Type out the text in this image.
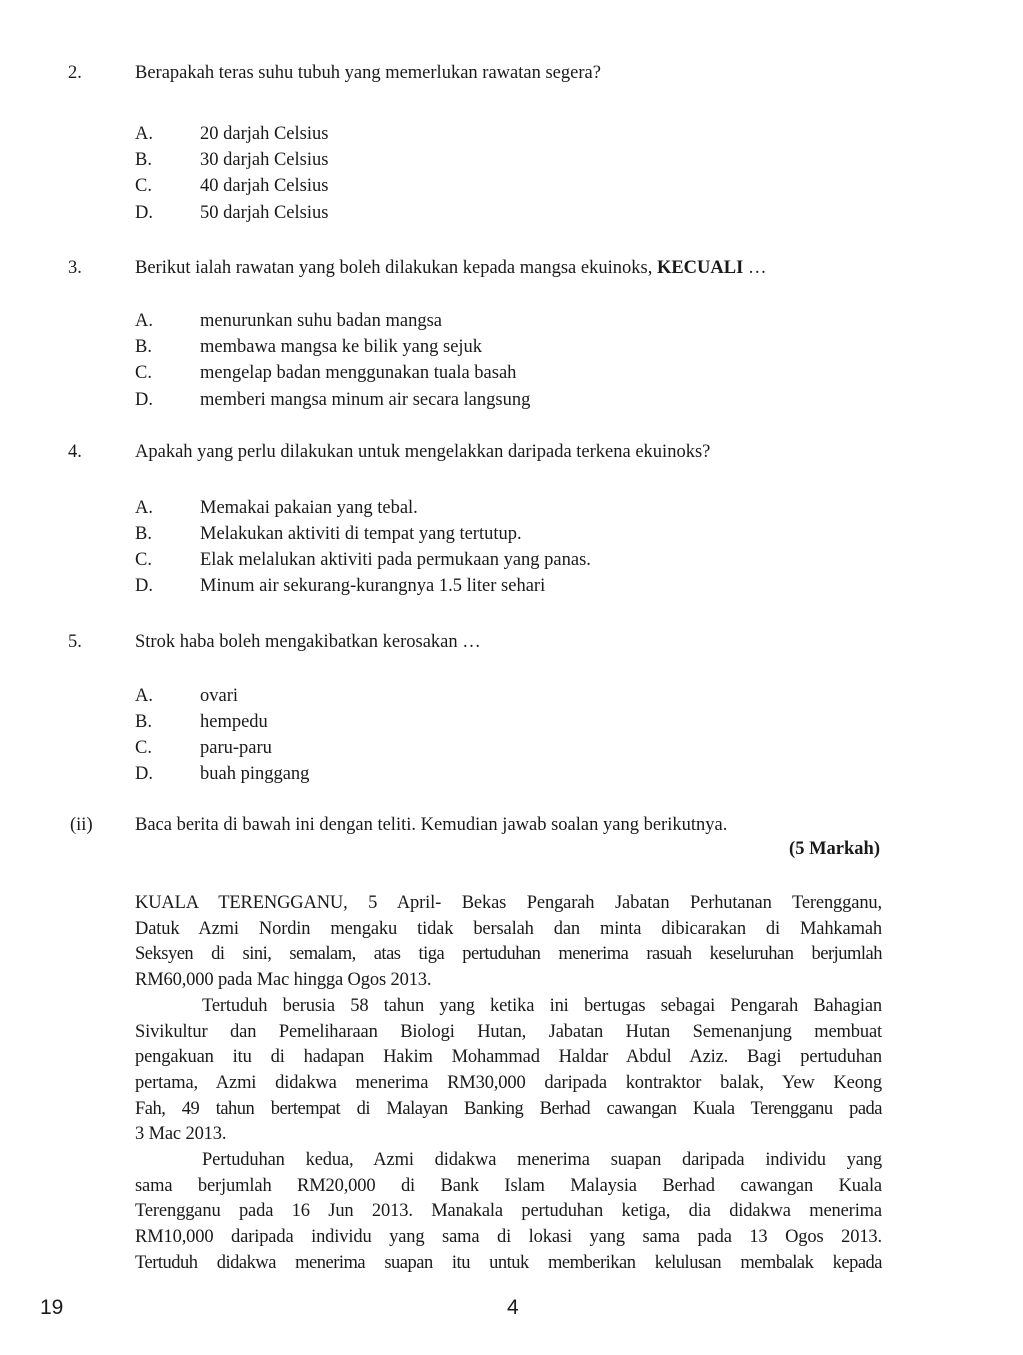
2.	Berapakah teras suhu tubuh yang memerlukan rawatan segera?
A.	20 darjah Celsius
B.	30 darjah Celsius
C.	40 darjah Celsius
D.	50 darjah Celsius
3.	Berikut ialah rawatan yang boleh dilakukan kepada mangsa ekuinoks, KECUALI …
A.	menurunkan suhu badan mangsa
B.	membawa mangsa ke bilik yang sejuk
C.	mengelap badan menggunakan tuala basah
D.	memberi mangsa minum air secara langsung
4.	Apakah yang perlu dilakukan untuk mengelakkan daripada terkena ekuinoks?
A.	Memakai pakaian yang tebal.
B.	Melakukan aktiviti di tempat yang tertutup.
C.	Elak melalukan aktiviti pada permukaan yang panas.
D.	Minum air sekurang-kurangnya 1.5 liter sehari
5.	Strok haba boleh mengakibatkan kerosakan …
A.	ovari
B.	hempedu
C.	paru-paru
D.	buah pinggang
(ii) Baca berita di bawah ini dengan teliti. Kemudian jawab soalan yang berikutnya.
(5 Markah)
KUALA TERENGGANU, 5 April- Bekas Pengarah Jabatan Perhutanan Terengganu,
Datuk Azmi Nordin mengaku tidak bersalah dan minta dibicarakan di Mahkamah
Seksyen di sini, semalam, atas tiga pertuduhan menerima rasuah keseluruhan berjumlah
RM60,000 pada Mac hingga Ogos 2013.
Tertuduh berusia 58 tahun yang ketika ini bertugas sebagai Pengarah Bahagian
Sivikultur dan Pemeliharaan Biologi Hutan, Jabatan Hutan Semenanjung membuat
pengakuan itu di hadapan Hakim Mohammad Haldar Abdul Aziz. Bagi pertuduhan
pertama, Azmi didakwa menerima RM30,000 daripada kontraktor balak, Yew Keong
Fah, 49 tahun bertempat di Malayan Banking Berhad cawangan Kuala Terengganu pada
3 Mac 2013.
Pertuduhan kedua, Azmi didakwa menerima suapan daripada individu yang
sama berjumlah RM20,000 di Bank Islam Malaysia Berhad cawangan Kuala
Terengganu pada 16 Jun 2013. Manakala pertuduhan ketiga, dia didakwa menerima
RM10,000 daripada individu yang sama di lokasi yang sama pada 13 Ogos 2013.
Tertuduh didakwa menerima suapan itu untuk memberikan kelulusan membalak kepada
19	4
